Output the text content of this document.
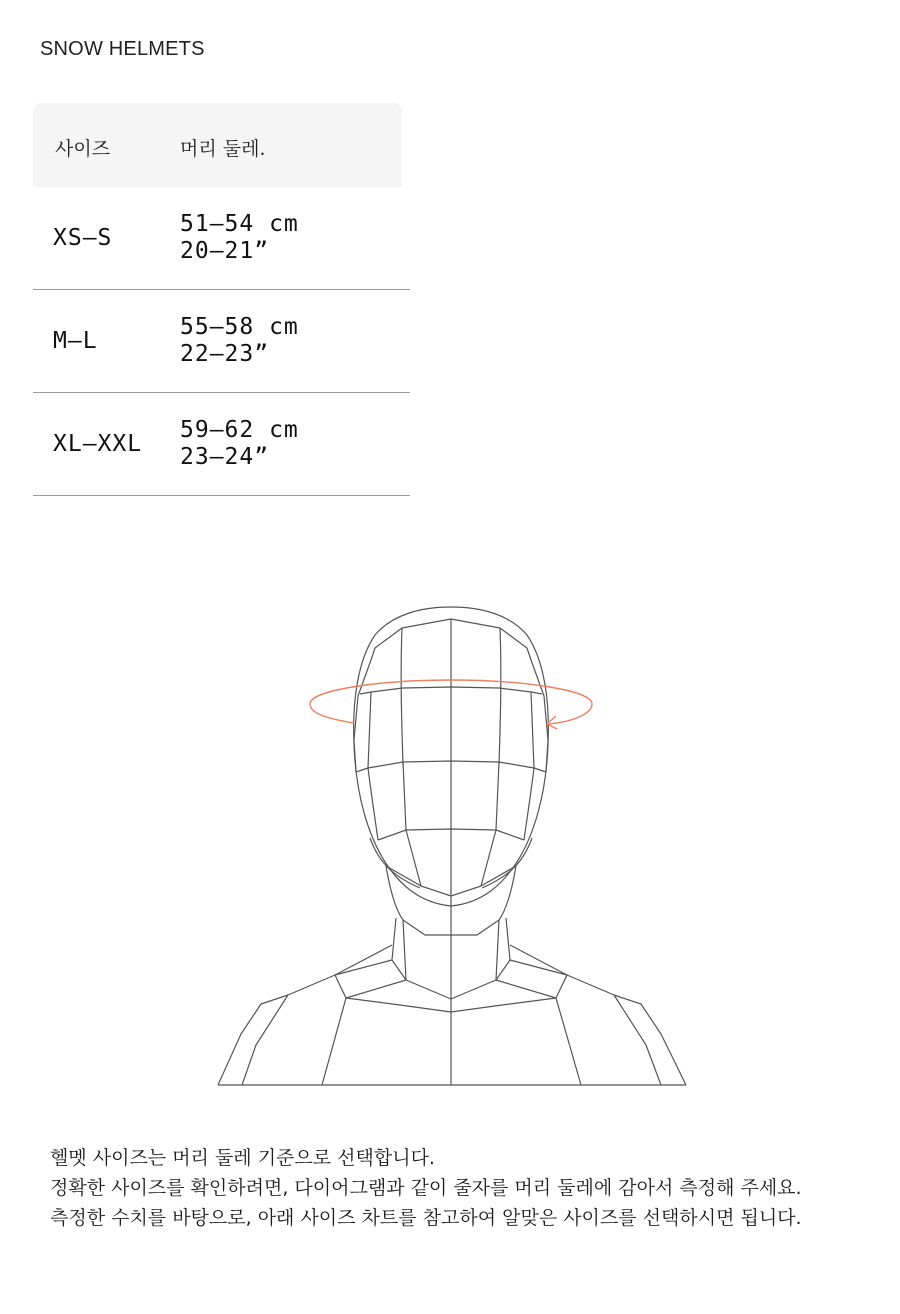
SNOW HELMETS
사이즈	머리 둘레.
XS–S
51–54 cm
20–21”
M–L
55–58 cm
22–23”
XL–XXL
59–62 cm
23–24”

헬멧 사이즈는 머리 둘레 기준으로 선택합니다.

정확한 사이즈를 확인하려면, 다이어그램과 같이 줄자를 머리 둘레에 감아서 측정해 주세요.

측정한 수치를 바탕으로, 아래 사이즈 차트를 참고하여 알맞은 사이즈를 선택하시면 됩니다.
